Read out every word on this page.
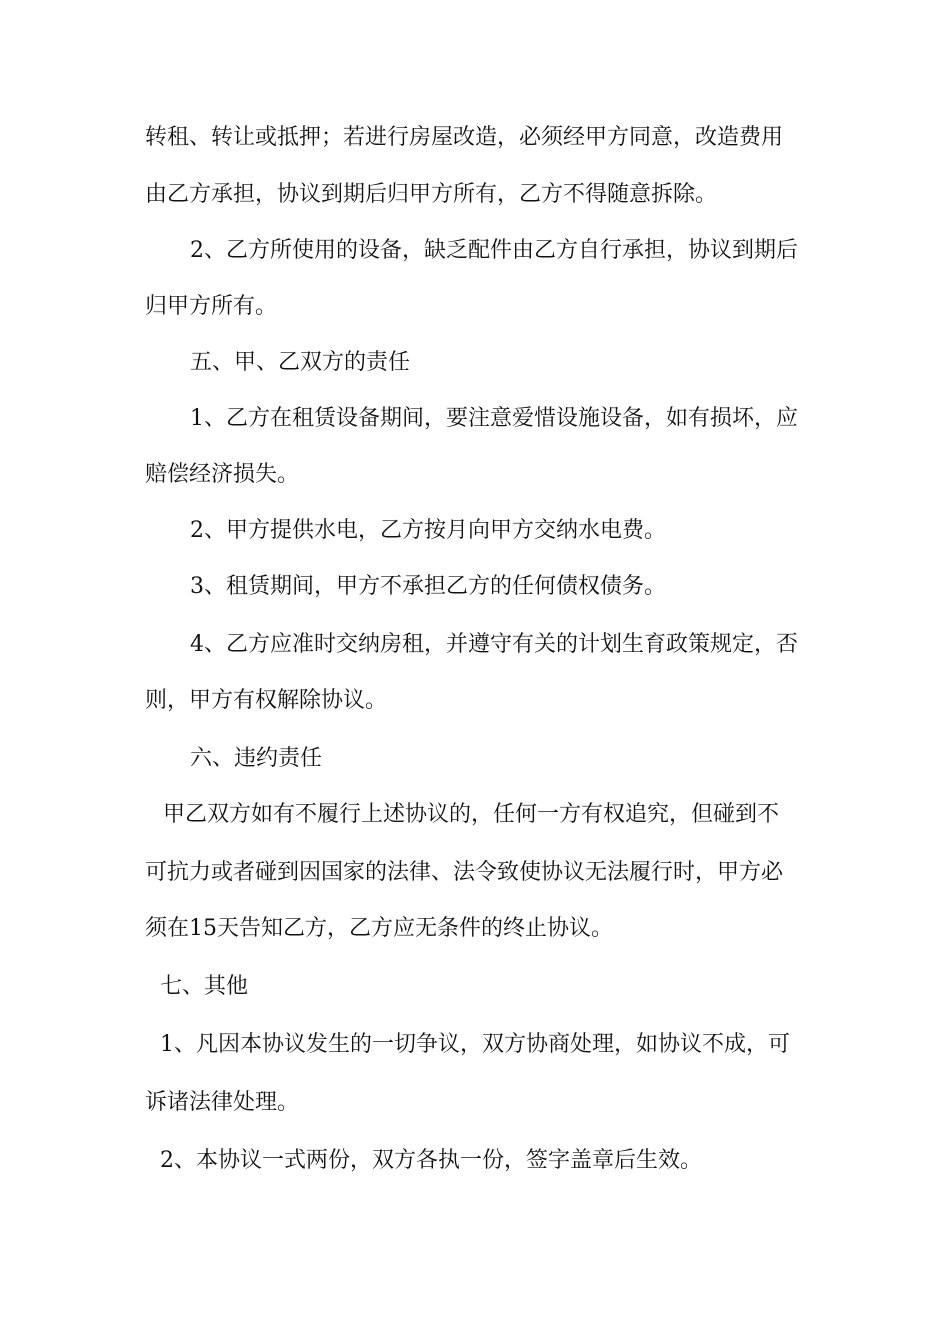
转租、转让或抵押；若进行房屋改造，必须经甲方同意，改造费用
由乙方承担，协议到期后归甲方所有，乙方不得随意拆除。
2、乙方所使用的设备，缺乏配件由乙方自行承担，协议到期后
归甲方所有。
五、甲、乙双方的责任
1、乙方在租赁设备期间，要注意爱惜设施设备，如有损坏，应
赔偿经济损失。
2、甲方提供水电，乙方按月向甲方交纳水电费。
3、租赁期间，甲方不承担乙方的任何债权债务。
4、乙方应准时交纳房租，并遵守有关的计划生育政策规定，否
则，甲方有权解除协议。
六、违约责任
甲乙双方如有不履行上述协议的，任何一方有权追究，但碰到不
可抗力或者碰到因国家的法律、法令致使协议无法履行时，甲方必
须在15天告知乙方，乙方应无条件的终止协议。
七、其他
1、凡因本协议发生的一切争议，双方协商处理，如协议不成，可
诉诸法律处理。
2、本协议一式两份，双方各执一份，签字盖章后生效。
